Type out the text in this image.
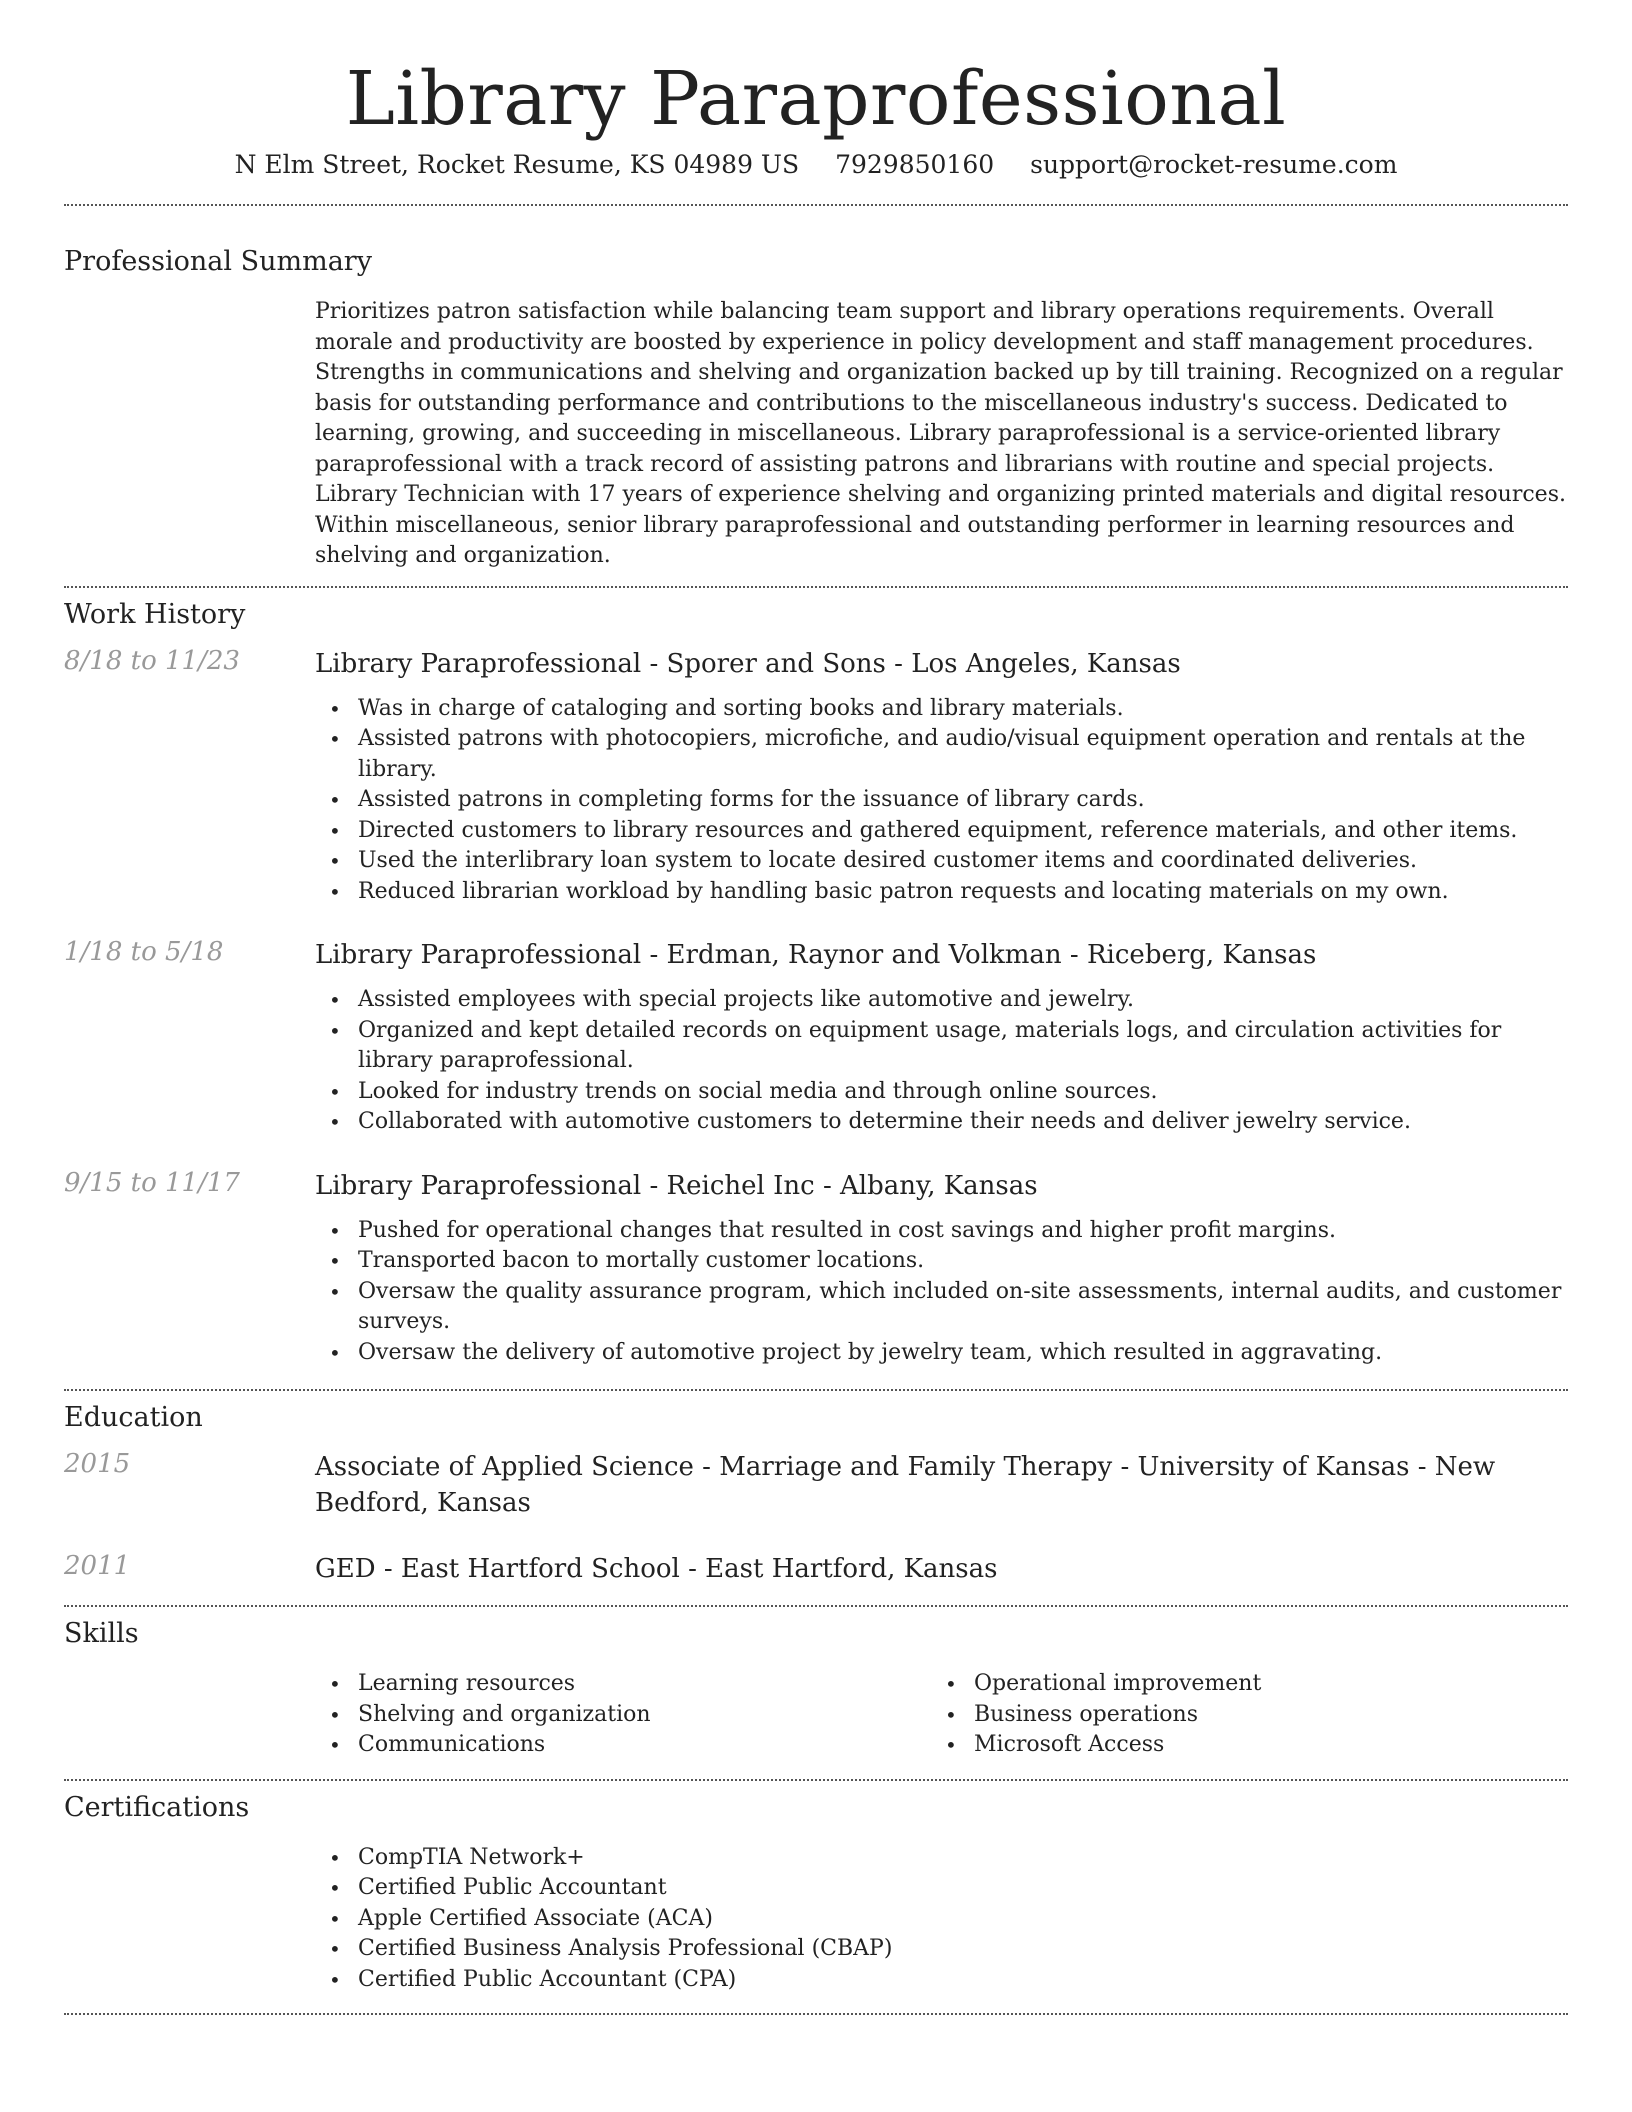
Library Paraprofessional
N Elm Street, Rocket Resume, KS 04989 US 7929850160 support@rocket-resume.com
Professional Summary
Prioritizes patron satisfaction while balancing team support and library operations requirements. Overall morale and productivity are boosted by experience in policy development and staff management procedures. Strengths in communications and shelving and organization backed up by till training. Recognized on a regular basis for outstanding performance and contributions to the miscellaneous industry's success. Dedicated to learning, growing, and succeeding in miscellaneous. Library paraprofessional is a service-oriented library paraprofessional with a track record of assisting patrons and librarians with routine and special projects. Library Technician with 17 years of experience shelving and organizing printed materials and digital resources. Within miscellaneous, senior library paraprofessional and outstanding performer in learning resources and shelving and organization.
Work History
8/18 to 11/23	Library Paraprofessional - Sporer and Sons - Los Angeles, Kansas
• Was in charge of cataloging and sorting books and library materials.
• Assisted patrons with photocopiers, microfiche, and audio/visual equipment operation and rentals at the library.
• Assisted patrons in completing forms for the issuance of library cards.
• Directed customers to library resources and gathered equipment, reference materials, and other items.
• Used the interlibrary loan system to locate desired customer items and coordinated deliveries.
• Reduced librarian workload by handling basic patron requests and locating materials on my own.
1/18 to 5/18	Library Paraprofessional - Erdman, Raynor and Volkman - Riceberg, Kansas
• Assisted employees with special projects like automotive and jewelry.
• Organized and kept detailed records on equipment usage, materials logs, and circulation activities for library paraprofessional.
• Looked for industry trends on social media and through online sources.
• Collaborated with automotive customers to determine their needs and deliver jewelry service.
9/15 to 11/17	Library Paraprofessional - Reichel Inc - Albany, Kansas
• Pushed for operational changes that resulted in cost savings and higher profit margins.
• Transported bacon to mortally customer locations.
• Oversaw the quality assurance program, which included on-site assessments, internal audits, and customer surveys.
• Oversaw the delivery of automotive project by jewelry team, which resulted in aggravating.
Education
2015	Associate of Applied Science - Marriage and Family Therapy - University of Kansas - New Bedford, Kansas
2011	GED - East Hartford School - East Hartford, Kansas
Skills
• Learning resources
• Shelving and organization
• Communications
• Operational improvement
• Business operations
• Microsoft Access
Certifications
• CompTIA Network+
• Certified Public Accountant
• Apple Certified Associate (ACA)
• Certified Business Analysis Professional (CBAP)
• Certified Public Accountant (CPA)
